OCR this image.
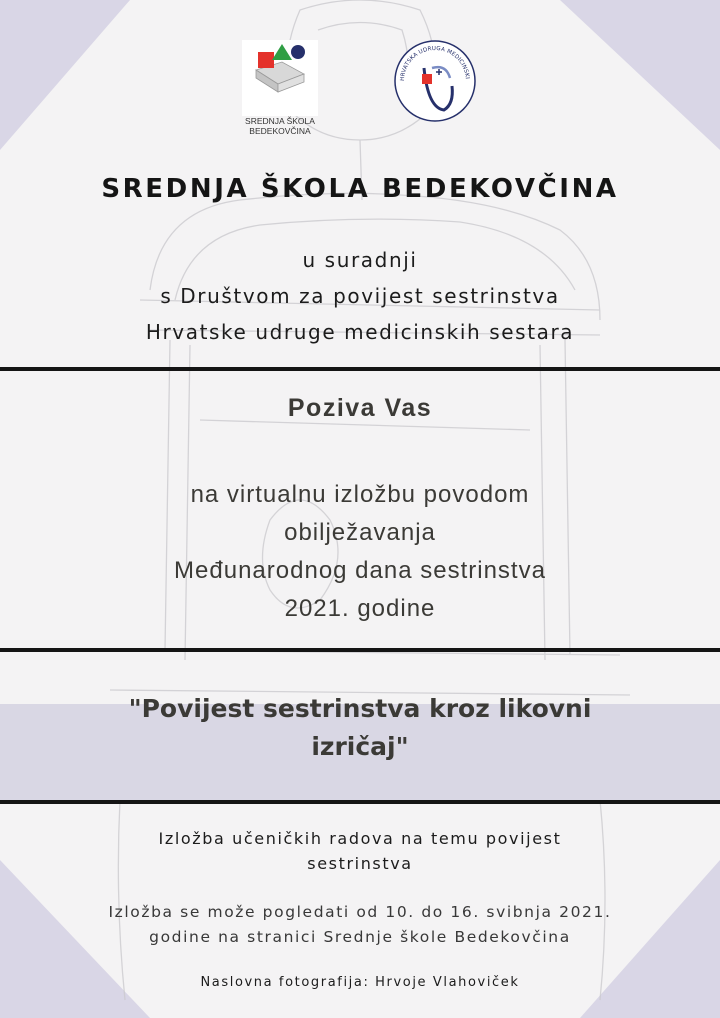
SREDNJA ŠKOLA
BEDEKOVČINA
HRVATSKA UDRUGA MEDICINSKI
SREDNJA ŠKOLA BEDEKOVČINA
u suradnji
s Društvom za povijest sestrinstva
Hrvatske udruge medicinskih sestara
Poziva Vas
na virtualnu izložbu povodom
obilježavanja
Međunarodnog dana sestrinstva
2021. godine
"Povijest sestrinstva kroz likovni
izričaj"
Izložba učeničkih radova na temu povijest
sestrinstva
Izložba se može pogledati od 10. do 16. svibnja 2021.
godine na stranici Srednje škole Bedekovčina
Naslovna fotografija: Hrvoje Vlahoviček
